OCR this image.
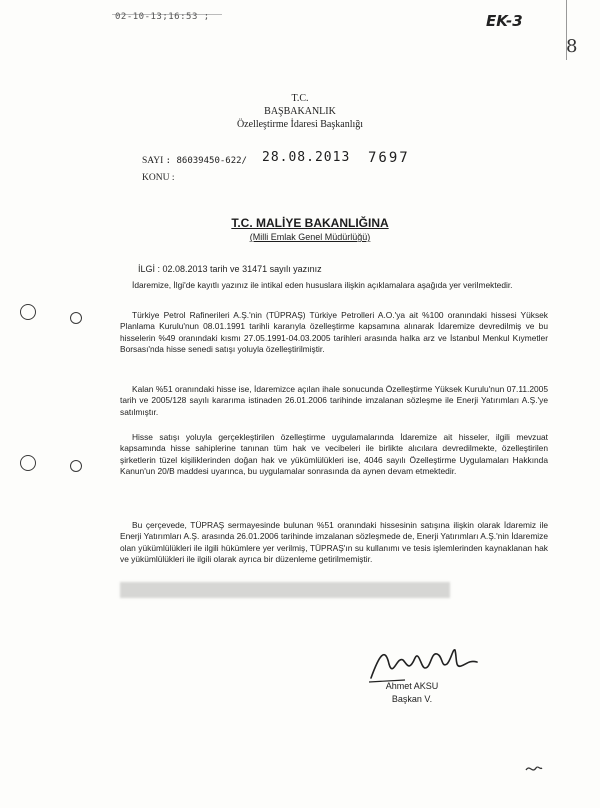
02-10-13;16:53 ;	EK-3
8
T.C.
BAŞBAKANLIK
Özelleştirme İdaresi Başkanlığı
SAYI : 86039450-622/
KONU :
28.08.2013 7697
T.C. MALİYE BAKANLIĞINA
(Milli Emlak Genel Müdürlüğü)
İLGİ : 02.08.2013 tarih ve 31471 sayılı yazınız

İdaremize, İlgi'de kayıtlı yazınız ile intikal eden hususlara ilişkin açıklamalara aşağıda yer verilmektedir.

Türkiye Petrol Rafinerileri A.Ş.'nin (TÜPRAŞ) Türkiye Petrolleri A.O.'ya ait %100 oranındaki hissesi Yüksek Planlama Kurulu'nun 08.01.1991 tarihli kararıyla özelleştirme kapsamına alınarak İdaremize devredilmiş ve bu hisselerin %49 oranındaki kısmı 27.05.1991-04.03.2005 tarihleri arasında halka arz ve İstanbul Menkul Kıymetler Borsası'nda hisse senedi satışı yoluyla özelleştirilmiştir.

Kalan %51 oranındaki hisse ise, İdaremizce açılan ihale sonucunda Özelleştirme Yüksek Kurulu'nun 07.11.2005 tarih ve 2005/128 sayılı kararıma istinaden 26.01.2006 tarihinde imzalanan sözleşme ile Enerji Yatırımları A.Ş.'ye satılmıştır.

Hisse satışı yoluyla gerçekleştirilen özelleştirme uygulamalarında İdaremize ait hisseler, ilgili mevzuat kapsamında hisse sahiplerine tanınan tüm hak ve vecibeleri ile birlikte alıcılara devredilmekte, özelleştirilen şirketlerin tüzel kişiliklerinden doğan hak ve yükümlülükleri ise, 4046 sayılı Özelleştirme Uygulamaları Hakkında Kanun'un 20/B maddesi uyarınca, bu uygulamalar sonrasında da aynen devam etmektedir.

Bu çerçevede, TÜPRAŞ sermayesinde bulunan %51 oranındaki hissesinin satışına ilişkin olarak İdaremiz ile Enerji Yatırımları A.Ş. arasında 26.01.2006 tarihinde imzalanan sözleşmede de, Enerji Yatırımları A.Ş.'nin İdaremize olan yükümlülükleri ile ilgili hükümlere yer verilmiş, TÜPRAŞ'ın su kullanımı ve tesis işlemlerinden kaynaklanan hak ve yükümlülükleri ile ilgili olarak ayrıca bir düzenleme getirilmemiştir.

Ahmet AKSU
Başkan V.
